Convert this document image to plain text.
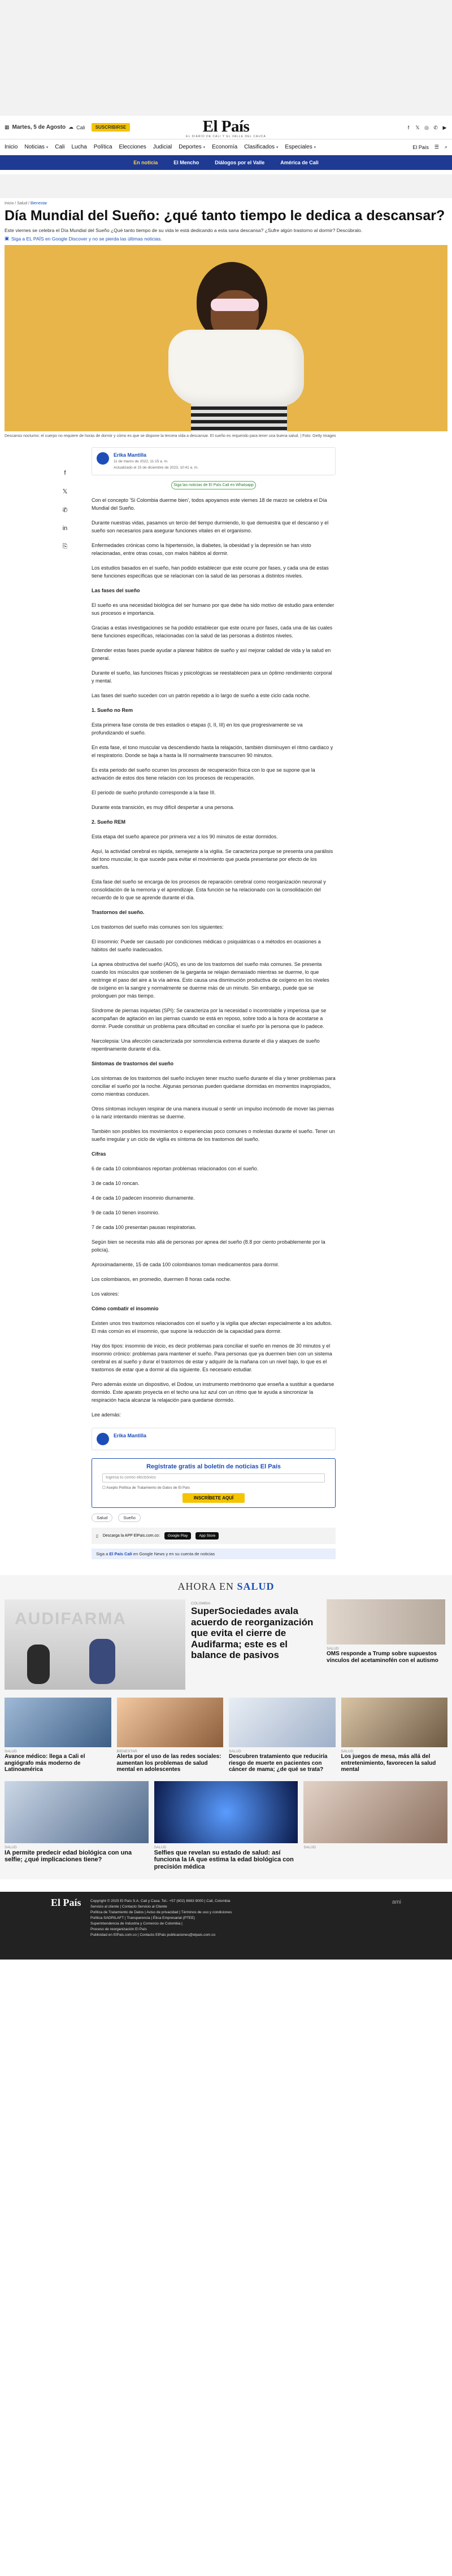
▦ Martes, 5 de Agosto ☁ Cali	SUSCRIBIRSE	El País
EL DIARIO DE CALI Y EL VALLE DEL CAUCA
f	𝕏 ◎ ✆ ▶
Inicio Noticias ▾ Cali Lucha Política Elecciones Judicial Deportes ▾ Economía Clasificados ▾ Especiales ▾	El País ☰ ⌕
En noticia	El Mencho	Diálogos por el Valle	América de Cali
Inicio / Salud / Bienestar
Día Mundial del Sueño: ¿qué tanto tiempo le dedica a descansar?

Este viernes se celebra el Día Mundial del Sueño ¿Qué tanto tiempo de su vida le está dedicando a esta sana descansa? ¿Sufre algún trastorno al dormir? Descúbralo.

▣ Siga a EL PAÍS en Google Discover y no se pierda las últimas noticias.

Descanso nocturno: el cuerpo no requiere de horas de dormir y cómo es que se dispone la tercera vida a descansar. El sueño es requerido para tener una buena salud. | Foto: Getty Images

f
𝕏
✆
in
⎘
Erika Mantilla
11 de marzo de 2022, 11:15 a. m.
Actualizado el 15 de diciembre de 2023, 10:41 a. m.
Siga las noticias de El País Cali en Whatsapp

Con el concepto 'Si Colombia duerme bien', todos apoyamos este viernes 18 de marzo se celebra el Día Mundial del Sueño.

Durante nuestras vidas, pasamos un tercio del tiempo durmiendo, lo que demuestra que el descanso y el sueño son necesarios para asegurar funciones vitales en el organismo.

Enfermedades crónicas como la hipertensión, la diabetes, la obesidad y la depresión se han visto relacionadas, entre otras cosas, con malos hábitos al dormir.

Los estudios basados en el sueño, han podido establecer que este ocurre por fases, y cada una de estas tiene funciones específicas que se relacionan con la salud de las personas a distintos niveles.

Las fases del sueño

El sueño es una necesidad biológica del ser humano por que debe ha sido motivo de estudio para entender sus procesos e importancia.

Gracias a estas investigaciones se ha podido establecer que este ocurre por fases, cada una de las cuales tiene funciones específicas, relacionadas con la salud de las personas a distintos niveles.

Entender estas fases puede ayudar a planear hábitos de sueño y así mejorar calidad de vida y la salud en general.

Durante el sueño, las funciones físicas y psicológicas se reestablecen para un óptimo rendimiento corporal y mental.

Las fases del sueño suceden con un patrón repetido a lo largo de sueño a este ciclo cada noche.

1. Sueño no Rem

Esta primera fase consta de tres estadios o etapas (I, II, III) en los que progresivamente se va profundizando el sueño.

En esta fase, el tono muscular va descendiendo hasta la relajación, también disminuyen el ritmo cardiaco y el respiratorio. Donde se baja a hasta la III normalmente transcurren 90 minutos.

Es esta periodo del sueño ocurren los procesos de recuperación física con lo que se supone que la activación de estos dos tiene relación con los procesos de recuperación.

El periodo de sueño profundo corresponde a la fase III.

Durante esta transición, es muy difícil despertar a una persona.

2. Sueño REM

Esta etapa del sueño aparece por primera vez a los 90 minutos de estar dormidos.

Aquí, la actividad cerebral es rápida, semejante a la vigilia. Se caracteriza porque se presenta una parálisis del tono muscular, lo que sucede para evitar el movimiento que pueda presentarse por efecto de los sueños.

Esta fase del sueño se encarga de los procesos de reparación cerebral como reorganización neuronal y consolidación de la memoria y el aprendizaje. Esta función se ha relacionado con la consolidación del recuerdo de lo que se aprende durante el día.

Trastornos del sueño.

Los trastornos del sueño más comunes son los siguientes:

El insomnio: Puede ser causado por condiciones médicas o psiquiátricas o a métodos en ocasiones a hábitos del sueño inadecuados.

La apnea obstructiva del sueño (AOS), es uno de los trastornos del sueño más comunes. Se presenta cuando los músculos que sostienen de la garganta se relajan demasiado mientras se duerme, lo que restringe el paso del aire a la vía aérea. Esto causa una disminución productiva de oxígeno en los niveles de oxígeno en la sangre y normalmente se duerme más de un minuto. Sin embargo, puede que se prolonguen por más tiempo.

Síndrome de piernas inquietas (SPI): Se caracteriza por la necesidad o incontrolable y imperiosa que se acompañan de agitación en las piernas cuando se está en reposo, sobre todo a la hora de acostarse a dormir. Puede constituir un problema para dificultad en conciliar el sueño por la persona que lo padece.

Narcolepsia: Una afección caracterizada por somnolencia extrema durante el día y ataques de sueño repentinamente durante el día.

Síntomas de trastornos del sueño

Los síntomas de los trastornos del sueño incluyen tener mucho sueño durante el día y tener problemas para conciliar el sueño por la noche. Algunas personas pueden quedarse dormidas en momentos inapropiados, como mientras conducen.

Otros síntomas incluyen respirar de una manera inusual o sentir un impulso incómodo de mover las piernas o la nariz intentando mientras se duerme.

También son posibles los movimientos o experiencias poco comunes o molestas durante el sueño. Tener un sueño irregular y un ciclo de vigilia es síntoma de los trastornos del sueño.

Cifras

6 de cada 10 colombianos reportan problemas relacionados con el sueño.

3 de cada 10 roncan.

4 de cada 10 padecen insomnio diurnamente.

9 de cada 10 tienen insomnio.

7 de cada 100 presentan pausas respiratorias.

Según bien se necesita más allá de personas por apnea del sueño (8.8 por ciento probablemente por la policía).

Aproximadamente, 15 de cada 100 colombianos toman medicamentos para dormir.

Los colombianos, en promedio, duermen 8 horas cada noche.

Los valores:

Cómo combatir el insomnio

Existen unos tres trastornos relacionados con el sueño y la vigilia que afectan especialmente a los adultos. El más común es el insomnio, que supone la reducción de la capacidad para dormir.

Hay dos tipos: insomnio de inicio, es decir problemas para conciliar el sueño en menos de 30 minutos y el insomnio crónico: problemas para mantener el sueño. Para personas que ya duermen bien con un sistema cerebral es al sueño y durar el trastornos de estar y adquirir de la mañana con un nivel bajo, lo que es el trastornos de estar que a dormir al día siguiente. Es necesario estudiar.

Pero además existe un dispositivo, el Dodow, un instrumento metrónomo que enseña a sustituir a quedarse dormido. Este aparato proyecta en el techo una luz azul con un ritmo que te ayuda a sincronizar la respiración hacia alcanzar la relajación para quedarse dormido.

Lee además:

Erika Mantilla
Regístrate gratis al boletín de noticias El País
Ingresa tu correo electrónico
☐ Acepto Política de Tratamiento de Datos de El País
INSCRÍBETE AQUÍ
Salud	Sueño
▯ Descarga la APP ElPais.com.co:	Google Play	App Store
Siga a El País Cali en Google News y en su cuenta de noticias
AHORA EN SALUD
AUDIFARMA
COLOMBIA
SuperSociedades avala acuerdo de reorganización que evita el cierre de Audifarma; este es el balance de pasivos
SALUD
OMS responde a Trump sobre supuestos vínculos del acetaminofén con el autismo
SALUD
Avance médico: llega a Cali el angiógrafo más moderno de Latinoamérica
BIENESTAR
Alerta por el uso de las redes sociales: aumentan los problemas de salud mental en adolescentes
SALUD
Descubren tratamiento que reduciría riesgo de muerte en pacientes con cáncer de mama; ¿de qué se trata?
SALUD
Los juegos de mesa, más allá del entretenimiento, favorecen la salud mental
SALUD
IA permite predecir edad biológica con una selfie; ¿qué implicaciones tiene?
SALUD
Selfies que revelan su estado de salud: así funciona la IA que estima la edad biológica con precisión médica
SALUD
El País	Copyright © 2025 El País S.A. Cali y Casa. Tel.: +57 (602) 8983 9000 | Cali, Colombia
Servicio al cliente | Contacto Servicio al Cliente
Política de Tratamiento de Datos | Aviso de privacidad | Términos de uso y condiciones
Política SAGRILAFT | Transparencia | Ética Empresarial (PTEE)
Superintendencia de Industria y Comercio de Colombia |
Proceso de reorganización El País
Publicidad en ElPais.com.co | Contacto ElPais publicaciones@elpais.com.co
ami
